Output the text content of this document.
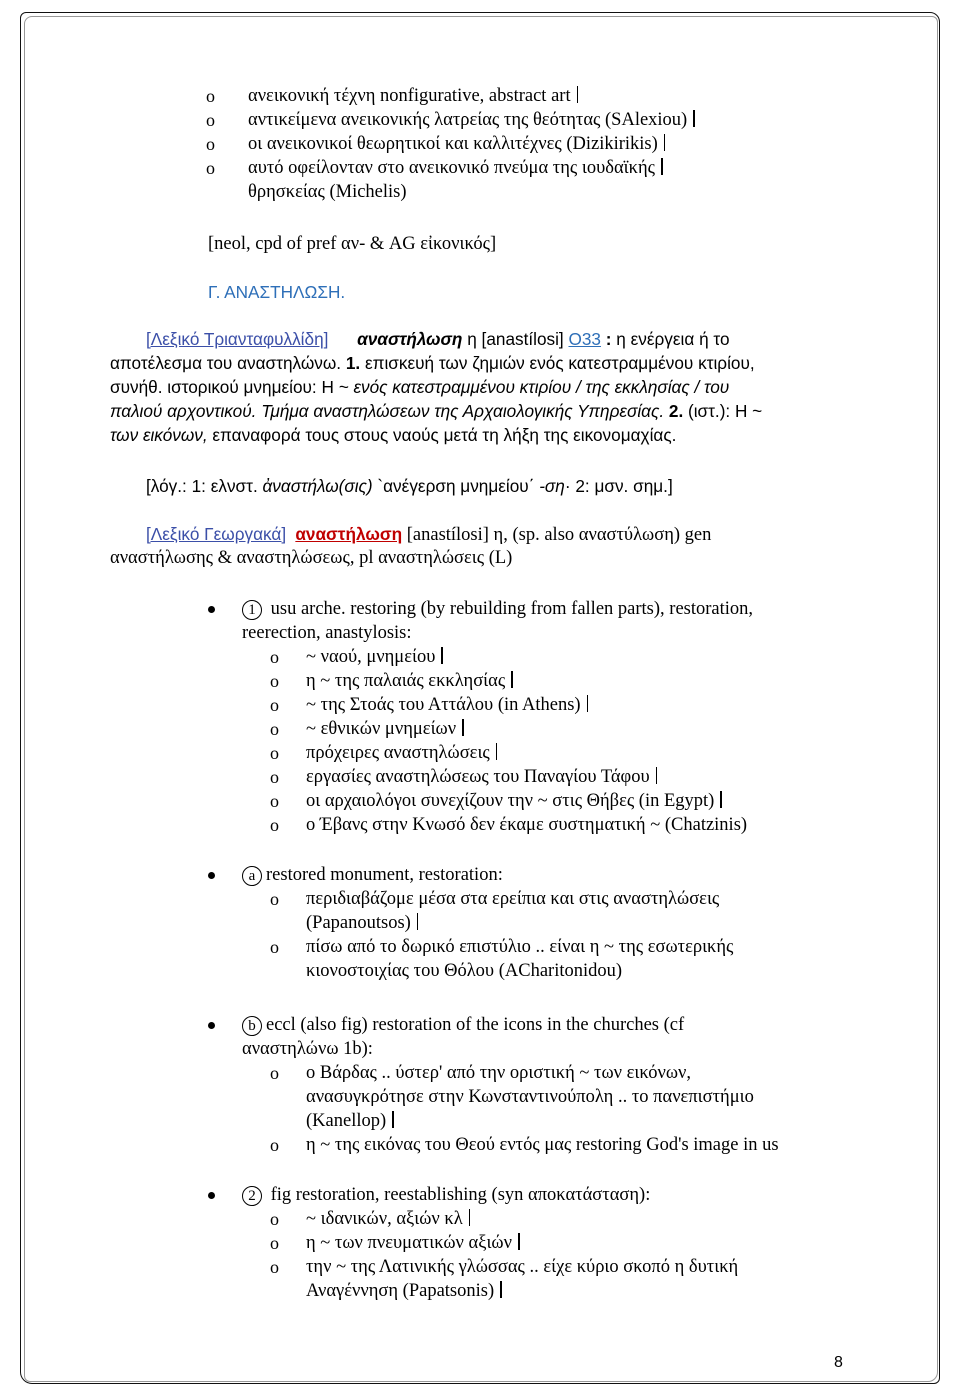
o ανεικονική τέχνη nonfigurative, abstract art
o αντικείμενα ανεικονικής λατρείας της θεότητας (SAlexiou)
o οι ανεικονικοί θεωρητικοί και καλλιτέχνες (Dizikirikis)
o αυτό οφείλονταν στο ανεικονικό πνεύμα της ιουδαϊκής
θρησκείας (Michelis)
[neol, cpd of pref αν- & AG εἰκονικός]
Γ. ΑΝΑΣΤΗΛΩΣΗ.
[Λεξικό Τριανταφυλλίδη] αναστήλωση η [anastílosi] Ο33 : η ενέργεια ή το
αποτέλεσμα του αναστηλώνω. 1. επισκευή των ζημιών ενός κατεστραμμένου κτιρίου,
συνήθ. ιστορικού μνημείου: Η ~ ενός κατεστραμμένου κτιρίου / της εκκλησίας / του
παλιού αρχοντικού. Τμήμα αναστηλώσεων της Αρχαιολογικής Υπηρεσίας. 2. (ιστ.): Η ~
των εικόνων, επαναφορά τους στους ναούς μετά τη λήξη της εικονομαχίας.
[λόγ.: 1: ελνστ. ἀναστήλω(σις) `ανέγερση μνημείου΄ -ση· 2: μσν. σημ.]
[Λεξικό Γεωργακά] αναστήλωση [anastílosi] η, (sp. also αναστύλωση) gen
αναστήλωσης & αναστηλώσεως, pl αναστηλώσεις (L)
1 usu arche. restoring (by rebuilding from fallen parts), restoration,
reerection, anastylosis:
o ~ ναού, μνημείου
o η ~ της παλαιάς εκκλησίας
o ~ της Στοάς του Αττάλου (in Athens)
o ~ εθνικών μνημείων
o πρόχειρες αναστηλώσεις
o εργασίες αναστηλώσεως του Παναγίου Τάφου
o οι αρχαιολόγοι συνεχίζουν την ~ στις Θήβες (in Egypt)
o ο Έβανς στην Κνωσό δεν έκαμε συστηματική ~ (Chatzinis)
a restored monument, restoration:
o περιδιαβάζομε μέσα στα ερείπια και στις αναστηλώσεις
(Papanoutsos)
o πίσω από το δωρικό επιστύλιο .. είναι η ~ της εσωτερικής
κιονοστοιχίας του Θόλου (ACharitonidou)
b eccl (also fig) restoration of the icons in the churches (cf
αναστηλώνω 1b):
o ο Βάρδας .. ύστερ' από την οριστική ~ των εικόνων,
ανασυγκρότησε στην Κωνσταντινούπολη .. το πανεπιστήμιο
(Kanellop)
o η ~ της εικόνας του Θεού εντός μας restoring God's image in us
2 fig restoration, reestablishing (syn αποκατάσταση):
o ~ ιδανικών, αξιών κλ
o η ~ των πνευματικών αξιών
o την ~ της Λατινικής γλώσσας .. είχε κύριο σκοπό η δυτική
Αναγέννηση (Papatsonis)
8
